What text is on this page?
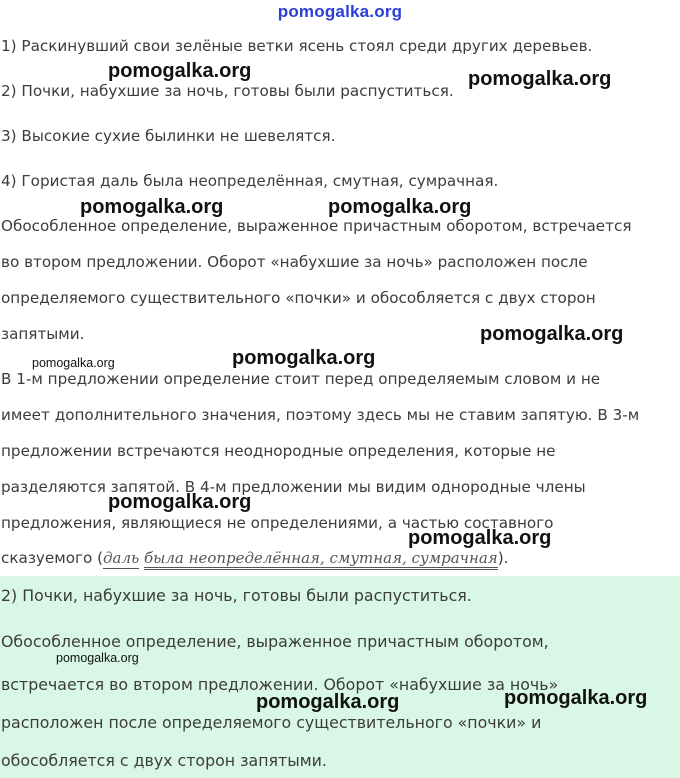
pomogalka.org
1) Раскинувший свои зелёные ветки ясень стоял среди других деревьев.
2) Почки, набухшие за ночь, готовы были распуститься.
3) Высокие сухие былинки не шевелятся.
4) Гористая даль была неопределённая, смутная, сумрачная.
Обособленное определение, выраженное причастным оборотом, встречается
во втором предложении. Оборот «набухшие за ночь» расположен после
определяемого существительного «почки» и обособляется с двух сторон
запятыми.
В 1-м предложении определение стоит перед определяемым словом и не
имеет дополнительного значения, поэтому здесь мы не ставим запятую. В 3-м
предложении встречаются неоднородные определения, которые не
разделяются запятой. В 4-м предложении мы видим однородные члены
предложения, являющиеся не определениями, а частью составного
сказуемого (даль была неопределённая, смутная, сумрачная).
2) Почки, набухшие за ночь, готовы были распуститься.
Обособленное определение, выраженное причастным оборотом,
встречается во втором предложении. Оборот «набухшие за ночь»
расположен после определяемого существительного «почки» и
обособляется с двух сторон запятыми.
pomogalka.org	pomogalka.org
pomogalka.org	pomogalka.org
pomogalka.org
pomogalka.org	pomogalka.org
pomogalka.org
pomogalka.org
pomogalka.org
pomogalka.org
pomogalka.org
